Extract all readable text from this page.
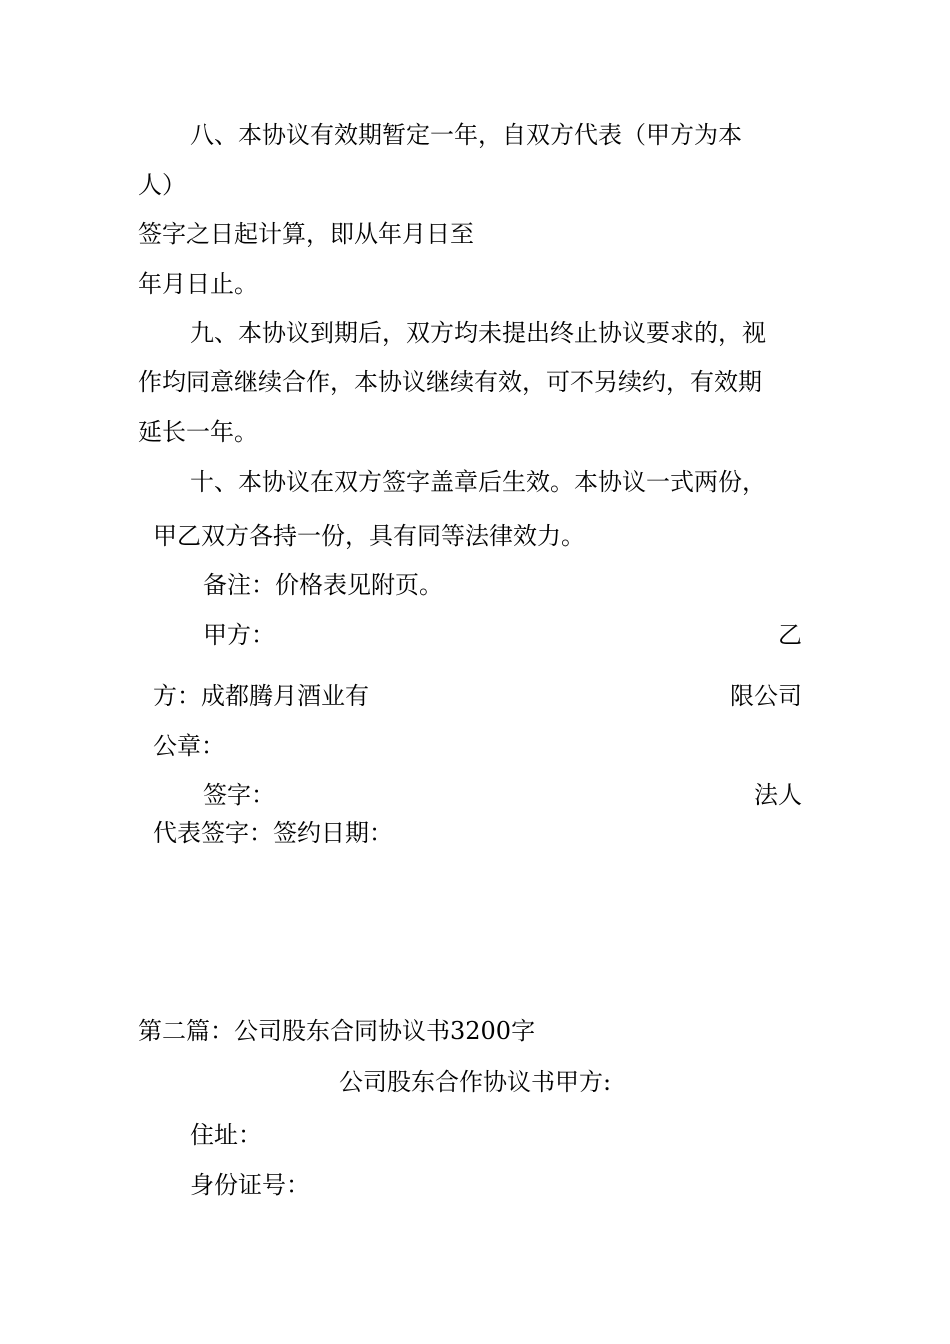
八、本协议有效期暂定一年，自双方代表（甲方为本
人）
签字之日起计算，即从年月日至
年月日止。
九、本协议到期后，双方均未提出终止协议要求的，视
作均同意继续合作，本协议继续有效，可不另续约，有效期
延长一年。
十、本协议在双方签字盖章后生效。本协议一式两份，
甲乙双方各持一份，具有同等法律效力。
备注：价格表见附页。
甲方：	乙
方：成都腾月酒业有	限公司
公章：
签字：	法人
代表签字：签约日期：
第二篇：公司股东合同协议书3200字
公司股东合作协议书甲方:
住址：
身份证号：
